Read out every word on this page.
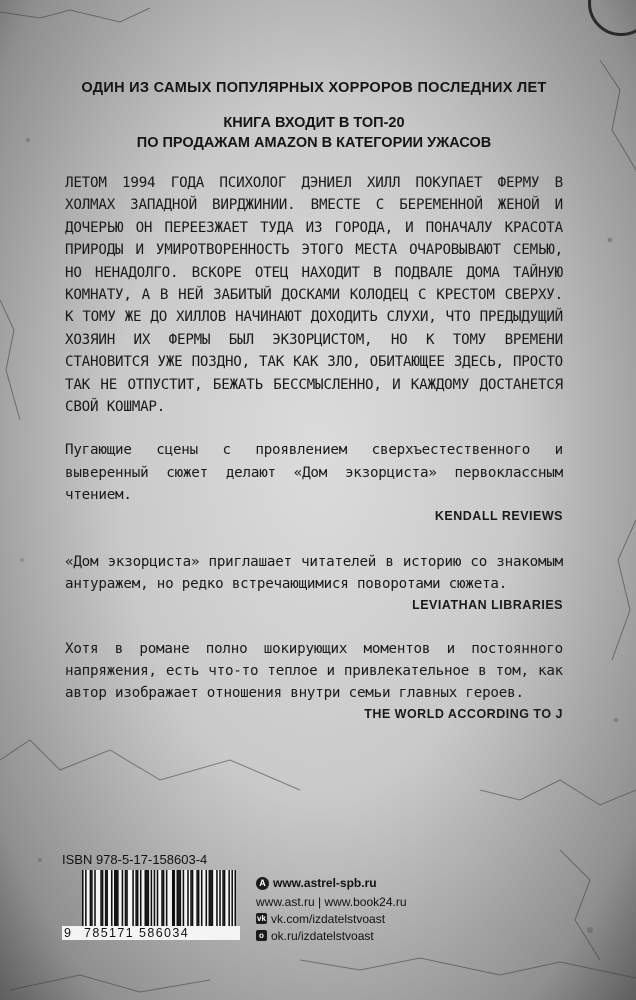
ОДИН ИЗ САМЫХ ПОПУЛЯРНЫХ ХОРРОРОВ ПОСЛЕДНИХ ЛЕТ

КНИГА ВХОДИТ В ТОП-20
ПО ПРОДАЖАМ AMAZON В КАТЕГОРИИ УЖАСОВ

ЛЕТОМ 1994 ГОДА ПСИХОЛОГ ДЭНИЕЛ ХИЛЛ ПОКУПАЕТ ФЕРМУ В ХОЛМАХ ЗАПАДНОЙ ВИРДЖИНИИ. ВМЕСТЕ С БЕРЕМЕННОЙ ЖЕНОЙ И ДОЧЕРЬЮ ОН ПЕРЕЕЗЖАЕТ ТУДА ИЗ ГОРОДА, И ПОНАЧАЛУ КРАСОТА ПРИРОДЫ И УМИРОТВОРЕННОСТЬ ЭТОГО МЕСТА ОЧАРОВЫВАЮТ СЕМЬЮ, НО НЕНАДОЛГО. ВСКОРЕ ОТЕЦ НАХОДИТ В ПОДВАЛЕ ДОМА ТАЙНУЮ КОМНАТУ, А В НЕЙ ЗАБИТЫЙ ДОСКАМИ КОЛОДЕЦ С КРЕСТОМ СВЕРХУ. К ТОМУ ЖЕ ДО ХИЛЛОВ НАЧИНАЮТ ДОХОДИТЬ СЛУХИ, ЧТО ПРЕДЫДУЩИЙ ХОЗЯИН ИХ ФЕРМЫ БЫЛ ЭКЗОРЦИСТОМ, НО К ТОМУ ВРЕМЕНИ СТАНОВИТСЯ УЖЕ ПОЗДНО, ТАК КАК ЗЛО, ОБИТАЮЩЕЕ ЗДЕСЬ, ПРОСТО ТАК НЕ ОТПУСТИТ, БЕЖАТЬ БЕССМЫСЛЕННО, И КАЖДОМУ ДОСТАНЕТСЯ СВОЙ КОШМАР.

Пугающие сцены с проявлением сверхъестественного и выверенный сюжет делают «Дом экзорциста» первоклассным чтением.

KENDALL REVIEWS

«Дом экзорциста» приглашает читателей в историю со знакомым антуражем, но редко встречающимися поворотами сюжета.

LEVIATHAN LIBRARIES

Хотя в романе полно шокирующих моментов и постоянного напряжения, есть что-то теплое и привлекательное в том, как автор изображает отношения внутри семьи главных героев.

THE WORLD ACCORDING TO J

ISBN 978-5-17-158603-4

9 785171 586034
A www.astrel-spb.ru
www.ast.ru | www.book24.ru
vk vk.com/izdatelstvoast
o ok.ru/izdatelstvoast
